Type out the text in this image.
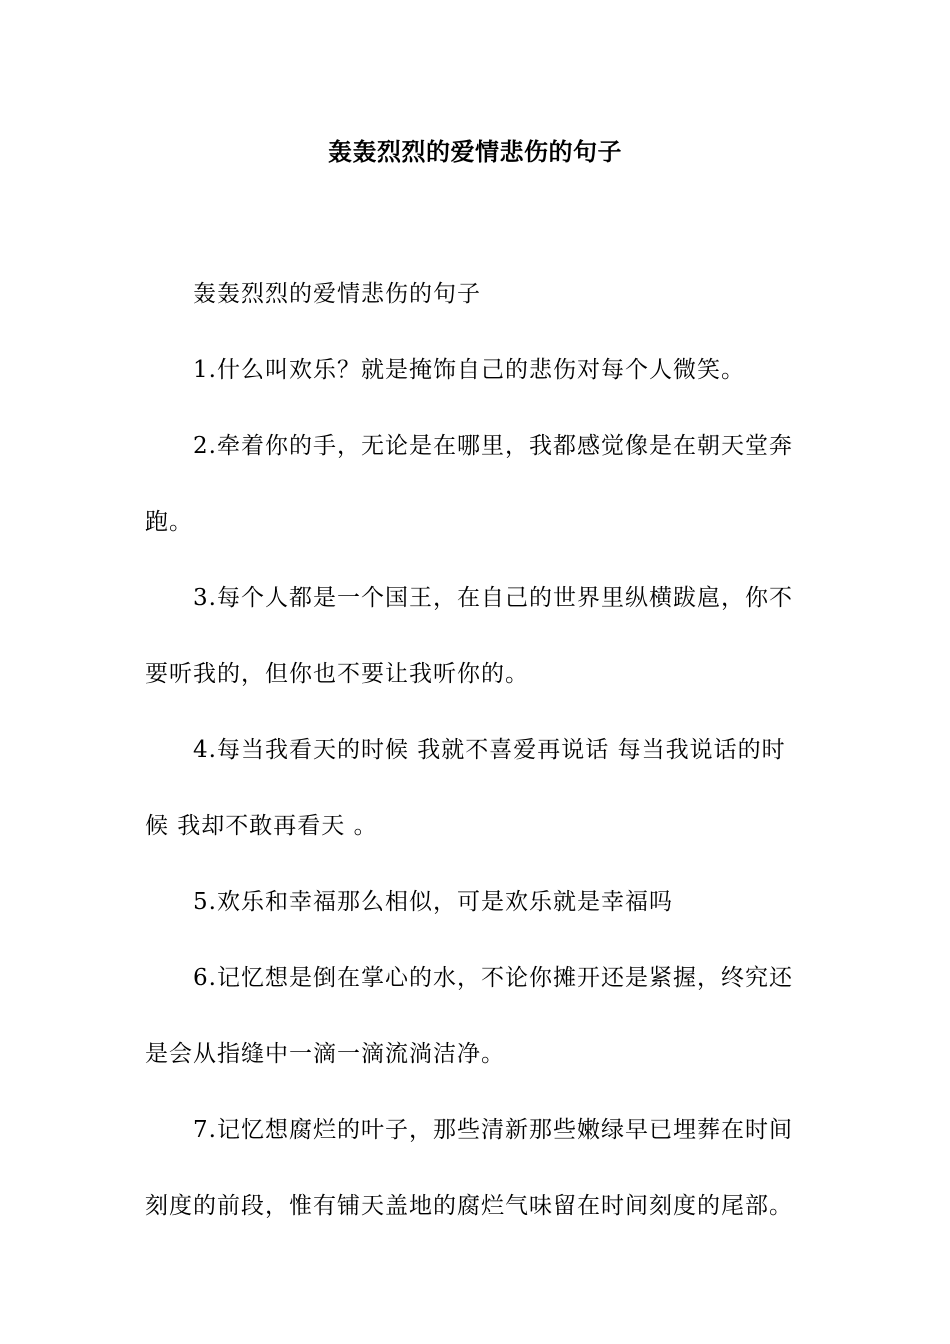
轰轰烈烈的爱情悲伤的句子

轰轰烈烈的爱情悲伤的句子

1.什么叫欢乐？就是掩饰自己的悲伤对每个人微笑。

2.牵着你的手，无论是在哪里，我都感觉像是在朝天堂奔跑。

3.每个人都是一个国王，在自己的世界里纵横跋扈，你不要听我的，但你也不要让我听你的。

4.每当我看天的时候 我就不喜爱再说话 每当我说话的时候 我却不敢再看天 。

5.欢乐和幸福那么相似，可是欢乐就是幸福吗

6.记忆想是倒在掌心的水，不论你摊开还是紧握，终究还是会从指缝中一滴一滴流淌洁净。

7.记忆想腐烂的叶子，那些清新那些嫩绿早已埋葬在时间刻度的前段，惟有铺天盖地的腐烂气味留在时间刻度的尾部。
